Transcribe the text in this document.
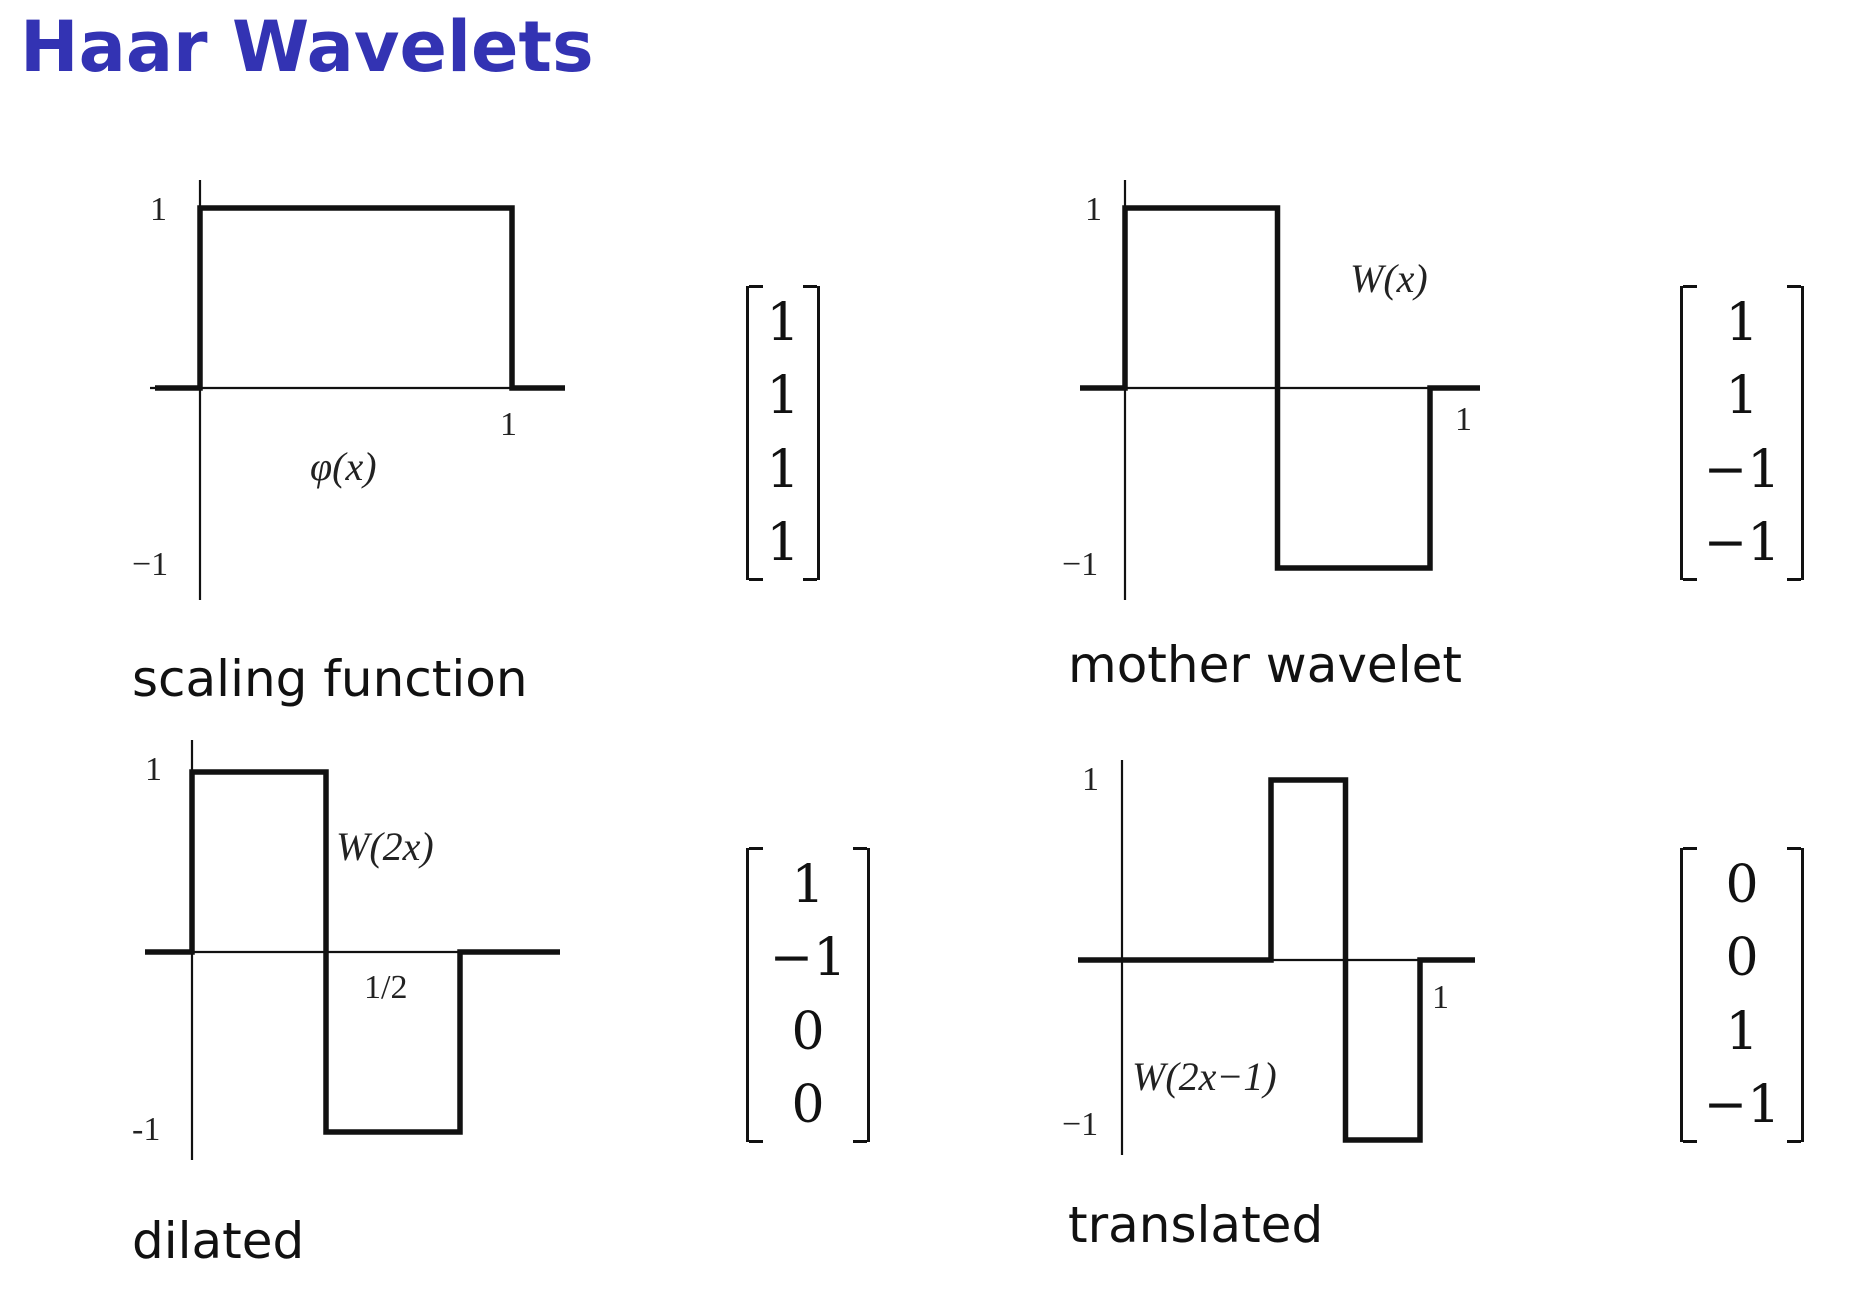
Haar Wavelets
1
−1
1
φ(x)
1
1
1
1

scaling function

1
−1
1
W(x)
1
1
−1
−1

mother wavelet

1
-1
1/2
W(2x)
1
−1
0
0

dilated

1
−1
1
W(2x−1)
0
0
1
−1

translated
